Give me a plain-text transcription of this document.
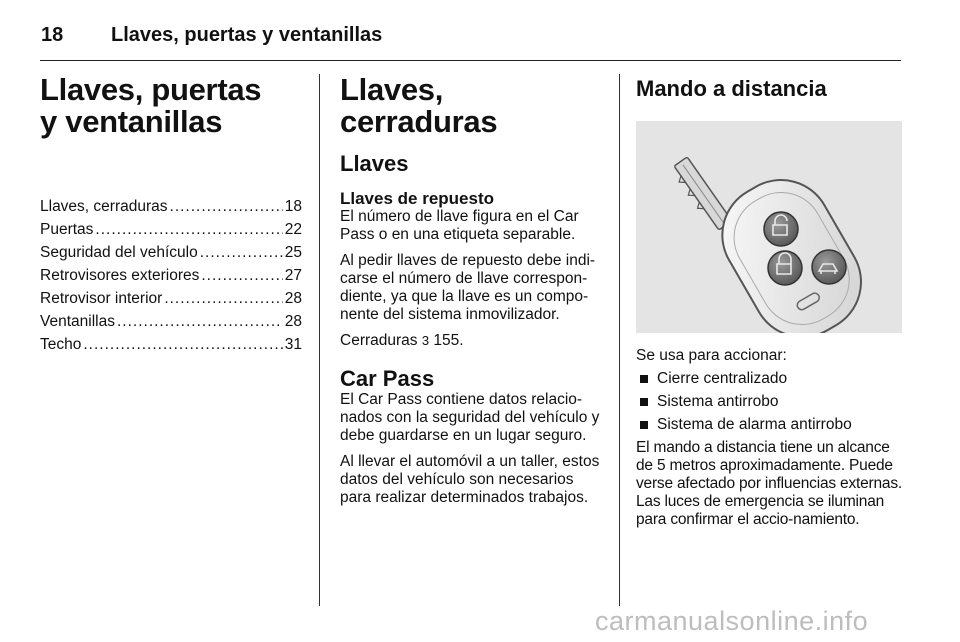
18 Llaves, puertas y ventanillas
Llaves, puertas
y ventanillas
Llaves, cerraduras .....	18
Puertas .....	22
Seguridad del vehículo .....	25
Retrovisores exteriores .....	27
Retrovisor interior .....	28
Ventanillas .....	28
Techo .....	31
Llaves, cerraduras
Llaves
Llaves de repuesto

El número de llave figura en el Car Pass o en una etiqueta separable.

Al pedir llaves de repuesto debe indi-carse el número de llave correspon-diente, ya que la llave es un compo-nente del sistema inmovilizador.

Cerraduras 3 155.

Car Pass

El Car Pass contiene datos relacio-nados con la seguridad del vehículo y debe guardarse en un lugar seguro.

Al llevar el automóvil a un taller, estos datos del vehículo son necesarios para realizar determinados trabajos.

Mando a distancia

Se usa para accionar:

Cierre centralizado
Sistema antirrobo
Sistema de alarma antirrobo

El mando a distancia tiene un alcance de 5 metros aproximadamente. Puede verse afectado por influencias externas. Las luces de emergencia se iluminan para confirmar el accio-namiento.

carmanualsonline.info
